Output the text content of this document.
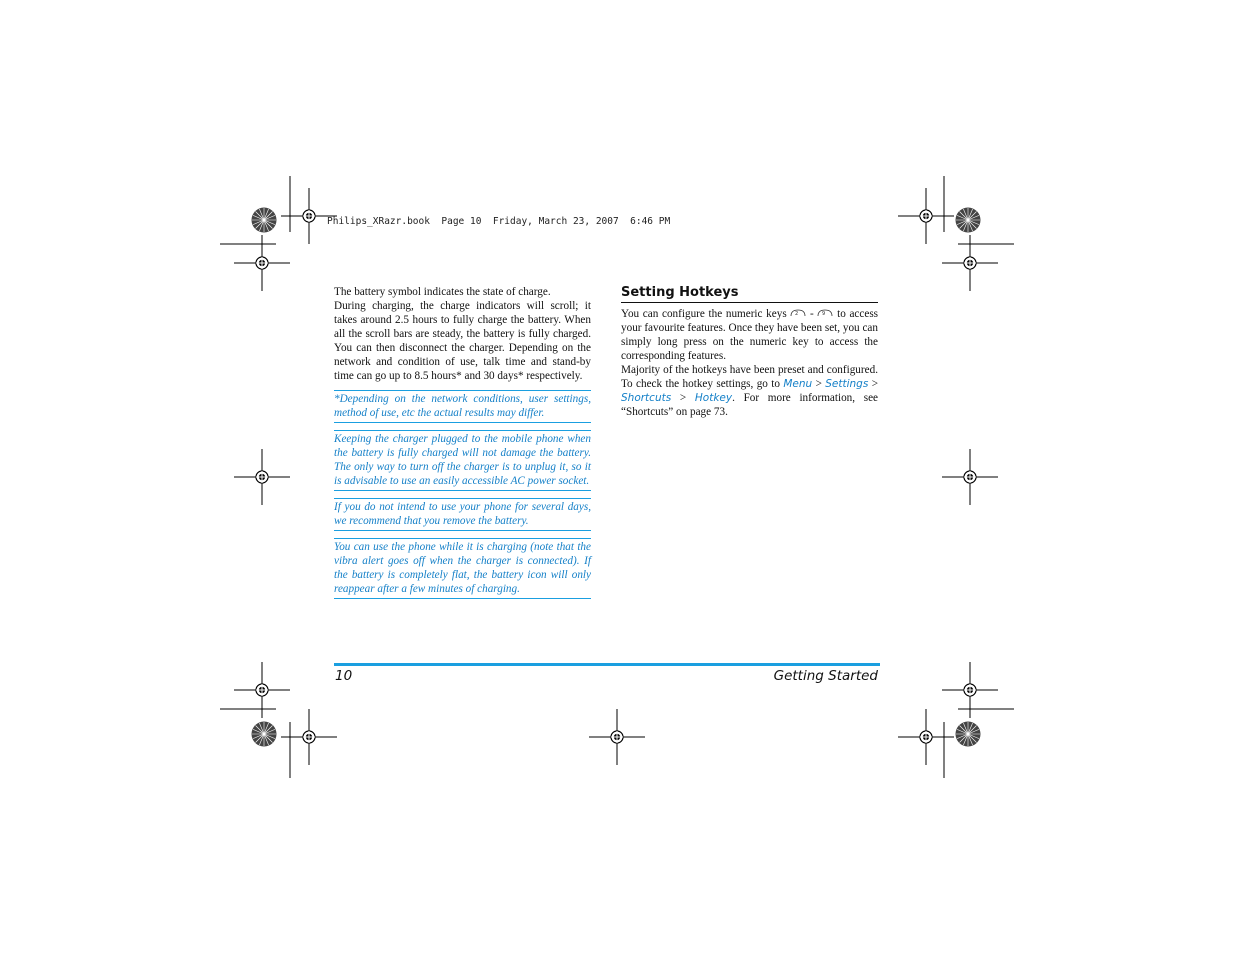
Philips_XRazr.book  Page 10  Friday, March 23, 2007  6:46 PM

The battery symbol indicates the state of charge.

During charging, the charge indicators will scroll; it takes around 2.5 hours to fully charge the battery. When all the scroll bars are steady, the battery is fully charged. You can then disconnect the charger. Depending on the network and condition of use, talk time and stand-by time can go up to 8.5 hours* and 30 days* respectively.

*Depending on the network conditions, user settings, method of use, etc the actual results may differ.
Keeping the charger plugged to the mobile phone when the battery is fully charged will not damage the battery. The only way to turn off the charger is to unplug it, so it is advisable to use an easily accessible AC power socket.
If you do not intend to use your phone for several days, we recommend that you remove the battery.
You can use the phone while it is charging (note that the vibra alert goes off when the charger is connected). If the battery is completely flat, the battery icon will only reappear after a few minutes of charging.
Setting Hotkeys

You can configure the numeric keys 2 - 9 to access your favourite features. Once they have been set, you can simply long press on the numeric key to access the corresponding features.

Majority of the hotkeys have been preset and configured. To check the hotkey settings, go to Menu > Settings > Shortcuts > Hotkey. For more information, see “Shortcuts” on page 73.

10	Getting Started
